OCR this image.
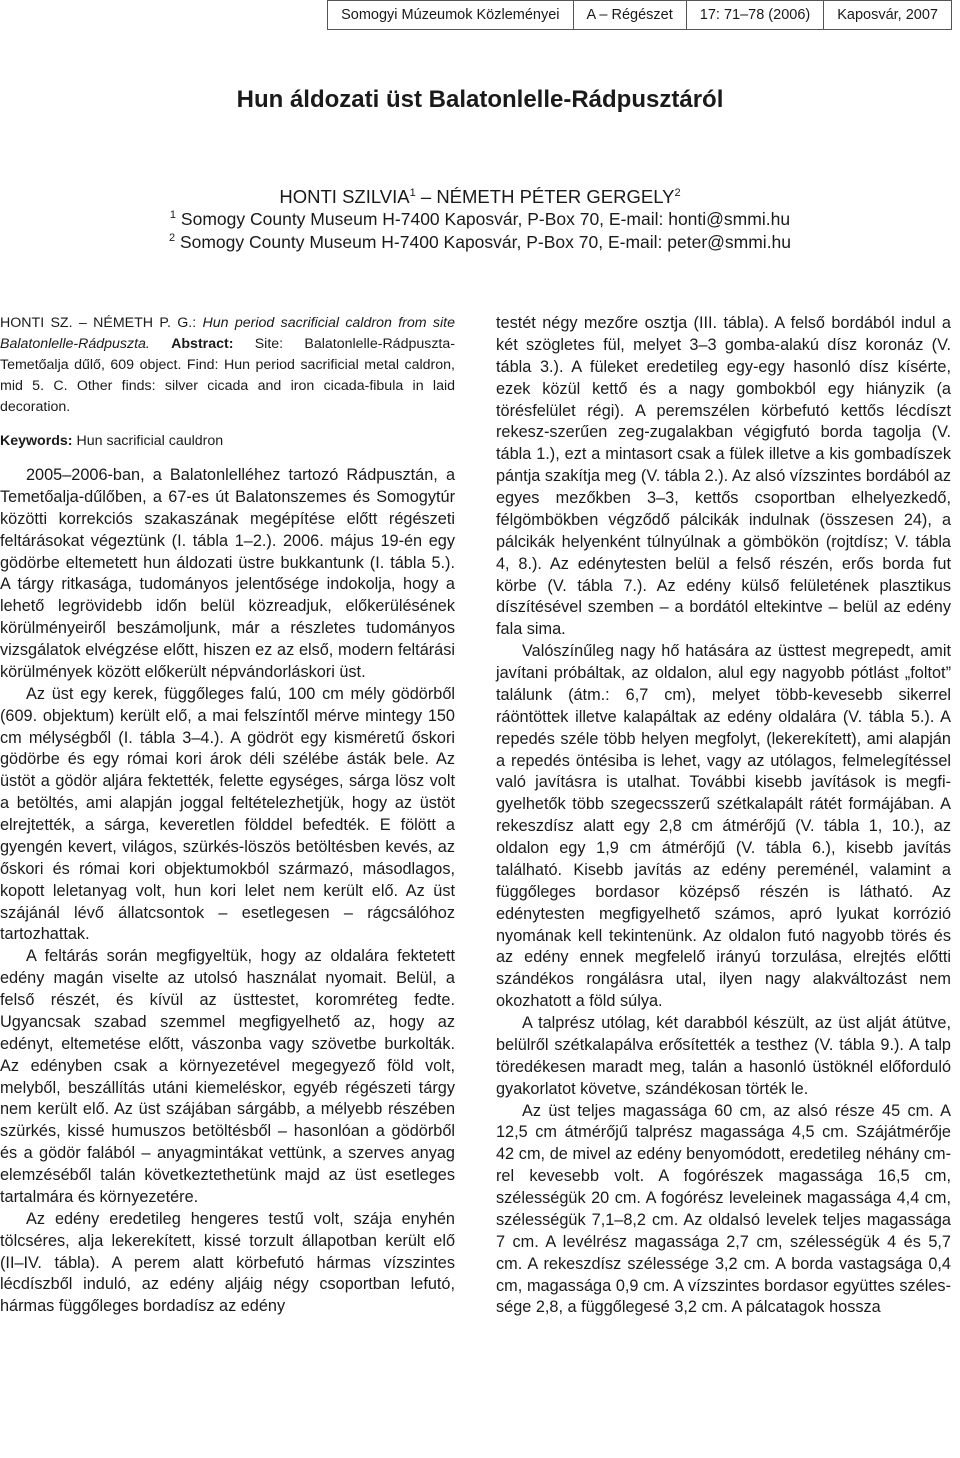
Somogyi Múzeumok Közleményei	A – Régészet	17: 71–78 (2006)	Kaposvár, 2007
Hun áldozati üst Balatonlelle-Rádpusztáról
HONTI SZILVIA$^1$ – NÉMETH PÉTER GERGELY$^2$
$^1$ Somogy County Museum H-7400 Kaposvár, P-Box 70, E-mail: honti@smmi.hu
$^2$ Somogy County Museum H-7400 Kaposvár, P-Box 70, E-mail: peter@smmi.hu

HONTI SZ. – NÉMETH P. G.: Hun period sacrificial caldron from site Balatonlelle-Rádpuszta. Abstract: Site: Balatonlelle-Rádpuszta-Temetőalja dűlő, 609 object. Find: Hun period sacrificial metal caldron, mid 5. C. Other finds: silver cicada and iron cicada-fibula in laid decoration.

Keywords: Hun sacrificial cauldron

2005–2006-ban, a Balatonlelléhez tartozó Rádpusztán, a Temetőalja-dűlőben, a 67-es út Balatonszemes és Somogytúr közötti korrekciós szakaszának megépítése előtt régészeti feltárásokat végeztünk (I. tábla 1–2.). 2006. május 19-én egy gödörbe eltemetett hun áldozati üstre bukkantunk (I. tábla 5.). A tárgy ritkasága, tudományos jelentősége indokolja, hogy a lehető legrövidebb időn belül közreadjuk, előkerülésének körülményeiről beszámoljunk, már a részletes tudományos vizsgálatok elvégzése előtt, hiszen ez az első, modern feltárási körülmények között előkerült népvándorláskori üst.

Az üst egy kerek, függőleges falú, 100 cm mély gödörből (609. objektum) került elő, a mai felszíntől mérve mintegy 150 cm mélységből (I. tábla 3–4.). A gödröt egy kisméretű őskori gödörbe és egy római kori árok déli szélébe ásták bele. Az üstöt a gödör aljára fektették, felette egységes, sárga lösz volt a betöltés, ami alapján joggal feltételezhetjük, hogy az üstöt elrejtették, a sárga, keveretlen földdel befedték. E fölött a gyengén kevert, világos, szürkés-löszös betöltésben kevés, az őskori és római kori objektumokból származó, másodlagos, kopott leletanyag volt, hun kori lelet nem került elő. Az üst szájánál lévő állatcsontok – esetlegesen – rágcsálóhoz tartozhattak.

A feltárás során megfigyeltük, hogy az oldalára fektetett edény magán viselte az utolsó használat nyomait. Belül, a felső részét, és kívül az üsttestet, koromréteg fedte. Ugyancsak szabad szemmel megfigyelhető az, hogy az edényt, eltemetése előtt, vászonba vagy szövetbe burkolták. Az edényben csak a környezetével megegyező föld volt, melyből, beszállítás utáni kiemeléskor, egyéb régészeti tárgy nem került elő. Az üst szájában sárgább, a mélyebb részében szürkés, kissé humuszos betöltésből – hasonlóan a gödörből és a gödör falából – anyagmintákat vettünk, a szerves anyag elemzéséből talán következtethetünk majd az üst esetleges tartalmára és környezetére.

Az edény eredetileg hengeres testű volt, szája enyhén tölcséres, alja lekerekített, kissé torzult állapotban került elő (II–IV. tábla). A perem alatt körbefutó hármas vízszintes lécdíszből induló, az edény aljáig négy csoportban lefutó, hármas függőleges bordadísz az edény

testét négy mezőre osztja (III. tábla). A felső bordából indul a két szögletes fül, melyet 3–3 gomba-alakú dísz koronáz (V. tábla 3.). A füleket eredetileg egy-egy hasonló dísz kísérte, ezek közül kettő és a nagy gombokból egy hiányzik (a törésfelület régi). A peremszélen körbefutó kettős lécdíszt rekesz-szerűen zeg-zugalakban végigfutó borda tagolja (V. tábla 1.), ezt a mintasort csak a fülek illetve a kis gombadíszek pántja szakítja meg (V. tábla 2.). Az alsó vízszintes bordából az egyes mezőkben 3–3, kettős csoportban elhelyezkedő, félgömbökben végződő pálcikák indulnak (összesen 24), a pálcikák helyenként túlnyúlnak a gömbökön (rojtdísz; V. tábla 4, 8.). Az edénytesten belül a felső részén, erős borda fut körbe (V. tábla 7.). Az edény külső felületének plasztikus díszítésével szemben – a bordától eltekintve – belül az edény fala sima.

Valószínűleg nagy hő hatására az üsttest megrepedt, amit javítani próbáltak, az oldalon, alul egy nagyobb pótlást „foltot” találunk (átm.: 6,7 cm), melyet több-kevesebb sikerrel ráöntöttek illetve kalapáltak az edény oldalára (V. tábla 5.). A repedés széle több helyen megfolyt, (lekerekített), ami alapján a repedés öntésiba is lehet, vagy az utólagos, felmelegítéssel való javításra is utalhat. További kisebb javítások is megfigyelhetők több szegecsszerű szétkalapált rátét formájában. A rekeszdísz alatt egy 2,8 cm átmérőjű (V. tábla 1, 10.), az oldalon egy 1,9 cm átmérőjű (V. tábla 6.), kisebb javítás található. Kisebb javítás az edény pereménél, valamint a függőleges bordasor középső részén is látható. Az edénytesten megfigyelhető számos, apró lyukat korrózió nyomának kell tekintenünk. Az oldalon futó nagyobb törés és az edény ennek megfelelő irányú torzulása, elrejtés előtti szándékos rongálásra utal, ilyen nagy alakváltozást nem okozhatott a föld súlya.

A talprész utólag, két darabból készült, az üst alját átütve, belülről szétkalapálva erősítették a testhez (V. tábla 9.). A talp töredékesen maradt meg, talán a hasonló üstöknél előforduló gyakorlatot követve, szándékosan törték le.

Az üst teljes magassága 60 cm, az alsó része 45 cm. A 12,5 cm átmérőjű talprész magassága 4,5 cm. Szájátmérője 42 cm, de mivel az edény benyomódott, eredetileg néhány cm-rel kevesebb volt. A fogórészek magassága 16,5 cm, szélességük 20 cm. A fogórész leveleinek magassága 4,4 cm, szélességük 7,1–8,2 cm. Az oldalsó levelek teljes magassága 7 cm. A levélrész magassága 2,7 cm, szélességük 4 és 5,7 cm. A rekeszdísz szélessége 3,2 cm. A borda vastagsága 0,4 cm, magassága 0,9 cm. A vízszintes bordasor együttes szélessége 2,8, a függőlegesé 3,2 cm. A pálcatagok hossza
